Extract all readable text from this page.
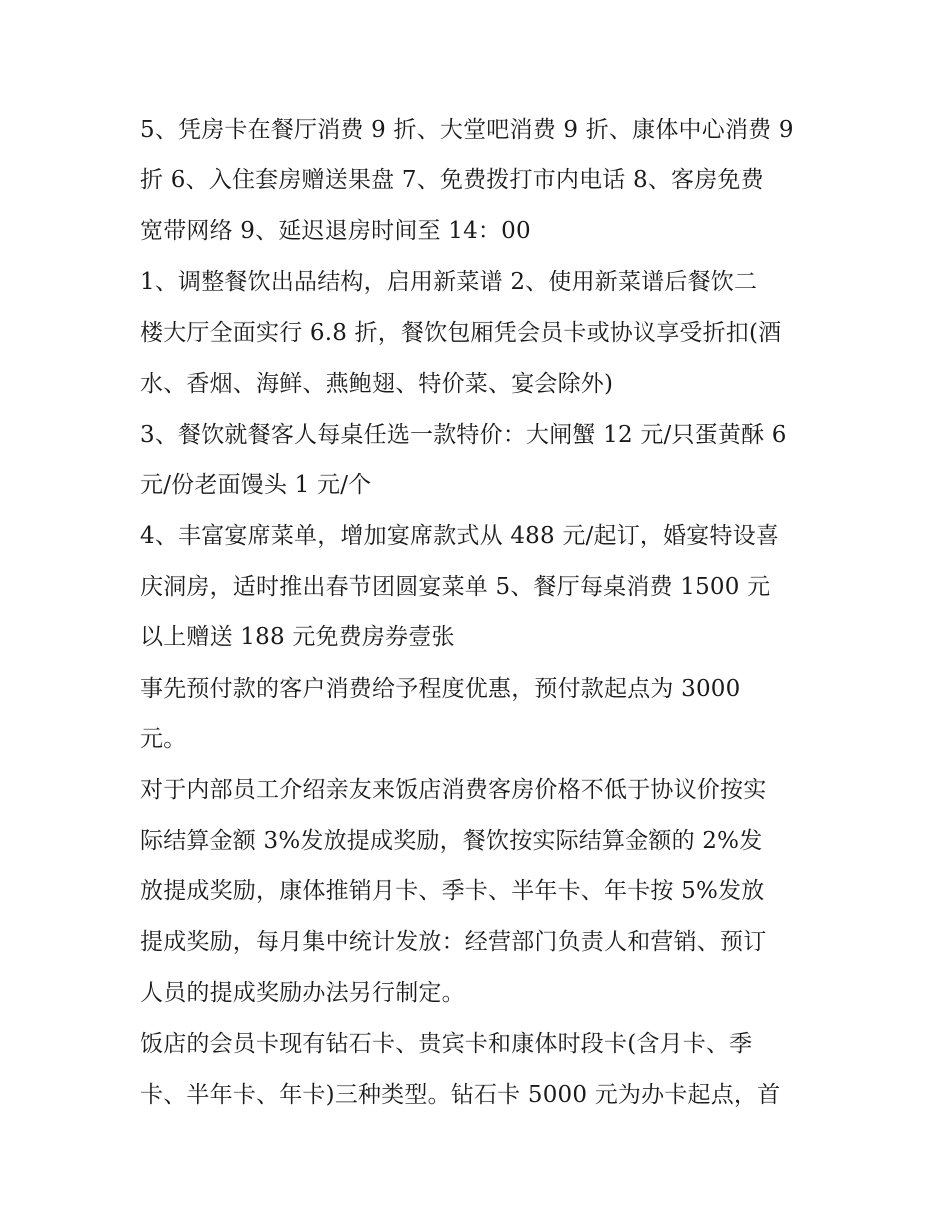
5、凭房卡在餐厅消费 9 折、大堂吧消费 9 折、康体中心消费 9
折 6、入住套房赠送果盘 7、免费拨打市内电话 8、客房免费
宽带网络 9、延迟退房时间至 14：00
1、调整餐饮出品结构，启用新菜谱 2、使用新菜谱后餐饮二
楼大厅全面实行 6.8 折，餐饮包厢凭会员卡或协议享受折扣(酒
水、香烟、海鲜、燕鲍翅、特价菜、宴会除外)
3、餐饮就餐客人每桌任选一款特价：大闸蟹 12 元/只蛋黄酥 6
元/份老面馒头 1 元/个
4、丰富宴席菜单，增加宴席款式从 488 元/起订，婚宴特设喜
庆洞房，适时推出春节团圆宴菜单 5、餐厅每桌消费 1500 元
以上赠送 188 元免费房券壹张
事先预付款的客户消费给予程度优惠，预付款起点为 3000
元。
对于内部员工介绍亲友来饭店消费客房价格不低于协议价按实
际结算金额 3%发放提成奖励，餐饮按实际结算金额的 2%发
放提成奖励，康体推销月卡、季卡、半年卡、年卡按 5%发放
提成奖励，每月集中统计发放：经营部门负责人和营销、预订
人员的提成奖励办法另行制定。
饭店的会员卡现有钻石卡、贵宾卡和康体时段卡(含月卡、季
卡、半年卡、年卡)三种类型。钻石卡 5000 元为办卡起点，首
